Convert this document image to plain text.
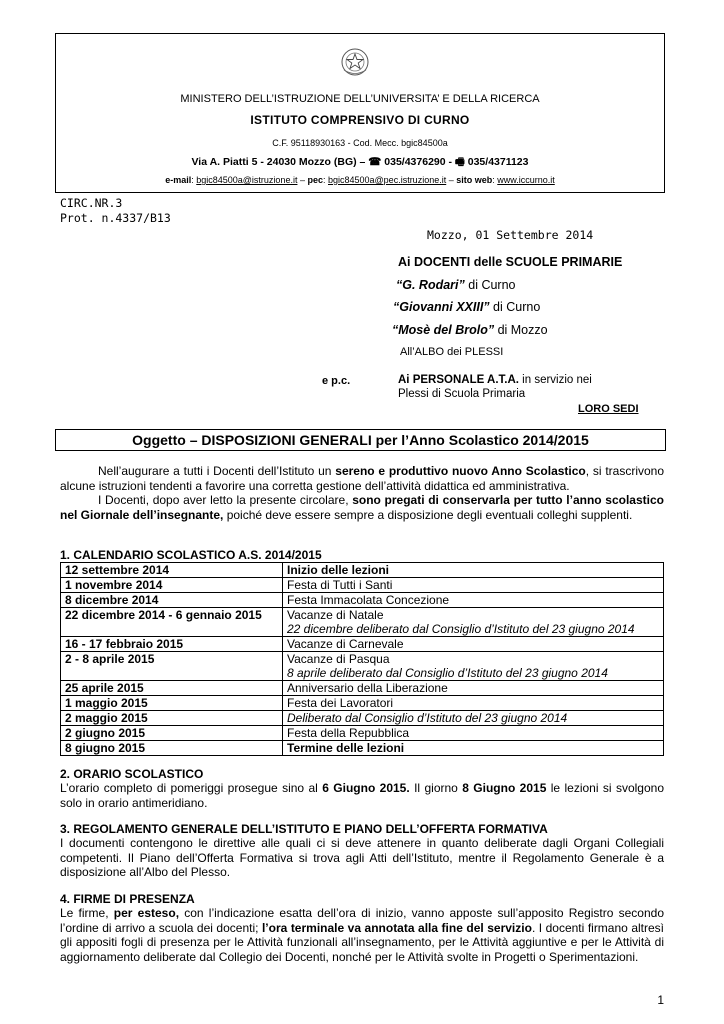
MINISTERO DELL’ISTRUZIONE DELL’UNIVERSITA’ E DELLA RICERCA
ISTITUTO COMPRENSIVO DI CURNO
C.F. 95118930163 - Cod. Mecc. bgic84500a
Via A. Piatti 5 - 24030 Mozzo (BG) – ☎ 035/4376290 - 🖷 035/4371123
e-mail: bgic84500a@istruzione.it – pec: bgic84500a@pec.istruzione.it – sito web: www.iccurno.it
CIRC.NR.3
Prot. n.4337/B13
Mozzo, 01 Settembre 2014
Ai DOCENTI delle SCUOLE PRIMARIE
“G. Rodari” di Curno
“Giovanni XXIII” di Curno
“Mosè del Brolo” di Mozzo
All’ALBO dei PLESSI
e p.c.	Ai PERSONALE A.T.A. in servizio nei
Plessi di Scuola Primaria
LORO SEDI
Oggetto – DISPOSIZIONI GENERALI per l’Anno Scolastico 2014/2015
Nell’augurare a tutti i Docenti dell’Istituto un sereno e produttivo nuovo Anno Scolastico, si trascrivono alcune istruzioni tendenti a favorire una corretta gestione dell’attività didattica ed amministrativa.
I Docenti, dopo aver letto la presente circolare, sono pregati di conservarla per tutto l’anno scolastico nel Giornale dell’insegnante, poiché deve essere sempre a disposizione degli eventuali colleghi supplenti.
1. CALENDARIO SCOLASTICO A.S. 2014/2015
12 settembre 2014	Inizio delle lezioni

1 novembre 2014	Festa di Tutti i Santi

8 dicembre 2014	Festa Immacolata Concezione

22 dicembre 2014 - 6 gennaio 2015	Vacanze di Natale
22 dicembre deliberato dal Consiglio d’Istituto del 23 giugno 2014

16 - 17 febbraio 2015	Vacanze di Carnevale

2 - 8 aprile 2015	Vacanze di Pasqua
8 aprile deliberato dal Consiglio d’Istituto del 23 giugno 2014

25 aprile 2015	Anniversario della Liberazione

1 maggio 2015	Festa dei Lavoratori

2 maggio 2015	Deliberato dal Consiglio d’Istituto del 23 giugno 2014

2 giugno 2015	Festa della Repubblica

8 giugno 2015	Termine delle lezioni
2. ORARIO SCOLASTICO
L’orario completo di pomeriggi prosegue sino al 6 Giugno 2015. Il giorno 8 Giugno 2015 le lezioni si svolgono solo in orario antimeridiano.
3. REGOLAMENTO GENERALE DELL’ISTITUTO E PIANO DELL’OFFERTA FORMATIVA
I documenti contengono le direttive alle quali ci si deve attenere in quanto deliberate dagli Organi Collegiali competenti. Il Piano dell’Offerta Formativa si trova agli Atti dell’Istituto, mentre il Regolamento Generale è a disposizione all’Albo del Plesso.
4. FIRME DI PRESENZA
Le firme, per esteso, con l’indicazione esatta dell’ora di inizio, vanno apposte sull’apposito Registro secondo l’ordine di arrivo a scuola dei docenti; l’ora terminale va annotata alla fine del servizio. I docenti firmano altresì gli appositi fogli di presenza per le Attività funzionali all’insegnamento, per le Attività aggiuntive e per le Attività di aggiornamento deliberate dal Collegio dei Docenti, nonché per le Attività svolte in Progetti o Sperimentazioni.
1
